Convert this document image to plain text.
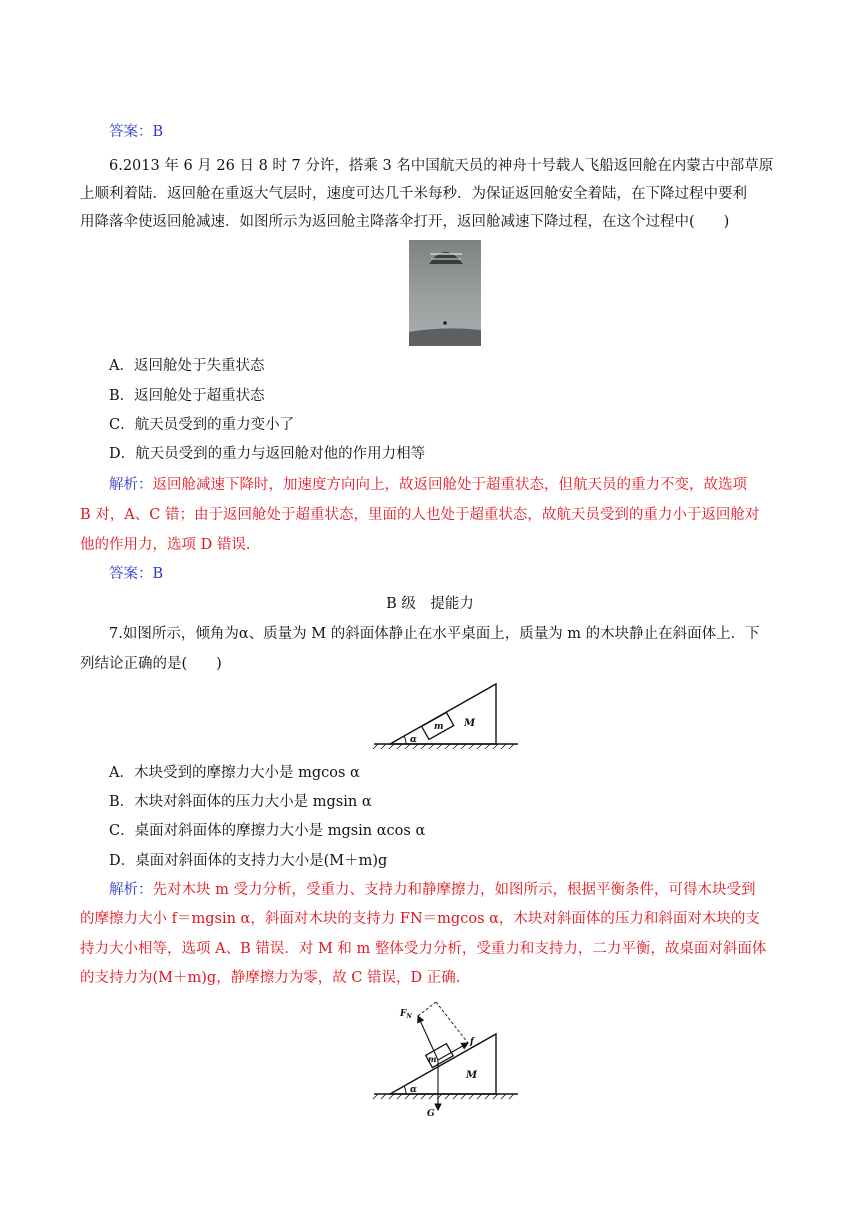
答案：B
6.2013 年 6 月 26 日 8 时 7 分许，搭乘 3 名中国航天员的神舟十号载人飞船返回舱在内蒙古中部草原
上顺利着陆．返回舱在重返大气层时，速度可达几千米每秒．为保证返回舱安全着陆，在下降过程中要利
用降落伞使返回舱减速．如图所示为返回舱主降落伞打开，返回舱减速下降过程，在这个过程中(　　)
A．返回舱处于失重状态
B．返回舱处于超重状态
C．航天员受到的重力变小了
D．航天员受到的重力与返回舱对他的作用力相等
解析：返回舱减速下降时，加速度方向向上，故返回舱处于超重状态，但航天员的重力不变，故选项
B 对，A、C 错；由于返回舱处于超重状态，里面的人也处于超重状态，故航天员受到的重力小于返回舱对
他的作用力，选项 D 错误.
答案：B
B 级　提能力
7.如图所示，倾角为α、质量为 M 的斜面体静止在水平桌面上，质量为 m 的木块静止在斜面体上．下
列结论正确的是(　　)
m M
α
A．木块受到的摩擦力大小是 mgcos α
B．木块对斜面体的压力大小是 mgsin α
C．桌面对斜面体的摩擦力大小是 mgsin αcos α
D．桌面对斜面体的支持力大小是(M＋m)g
解析：先对木块 m 受力分析，受重力、支持力和静摩擦力，如图所示，根据平衡条件，可得木块受到
的摩擦力大小 f＝mgsin α，斜面对木块的支持力 FN＝mgcos α，木块对斜面体的压力和斜面对木块的支
持力大小相等，选项 A、B 错误．对 M 和 m 整体受力分析，受重力和支持力，二力平衡，故桌面对斜面体
的支持力为(M＋m)g，静摩擦力为零，故 C 错误，D 正确.
$F_N$
f
m
M
α
G
